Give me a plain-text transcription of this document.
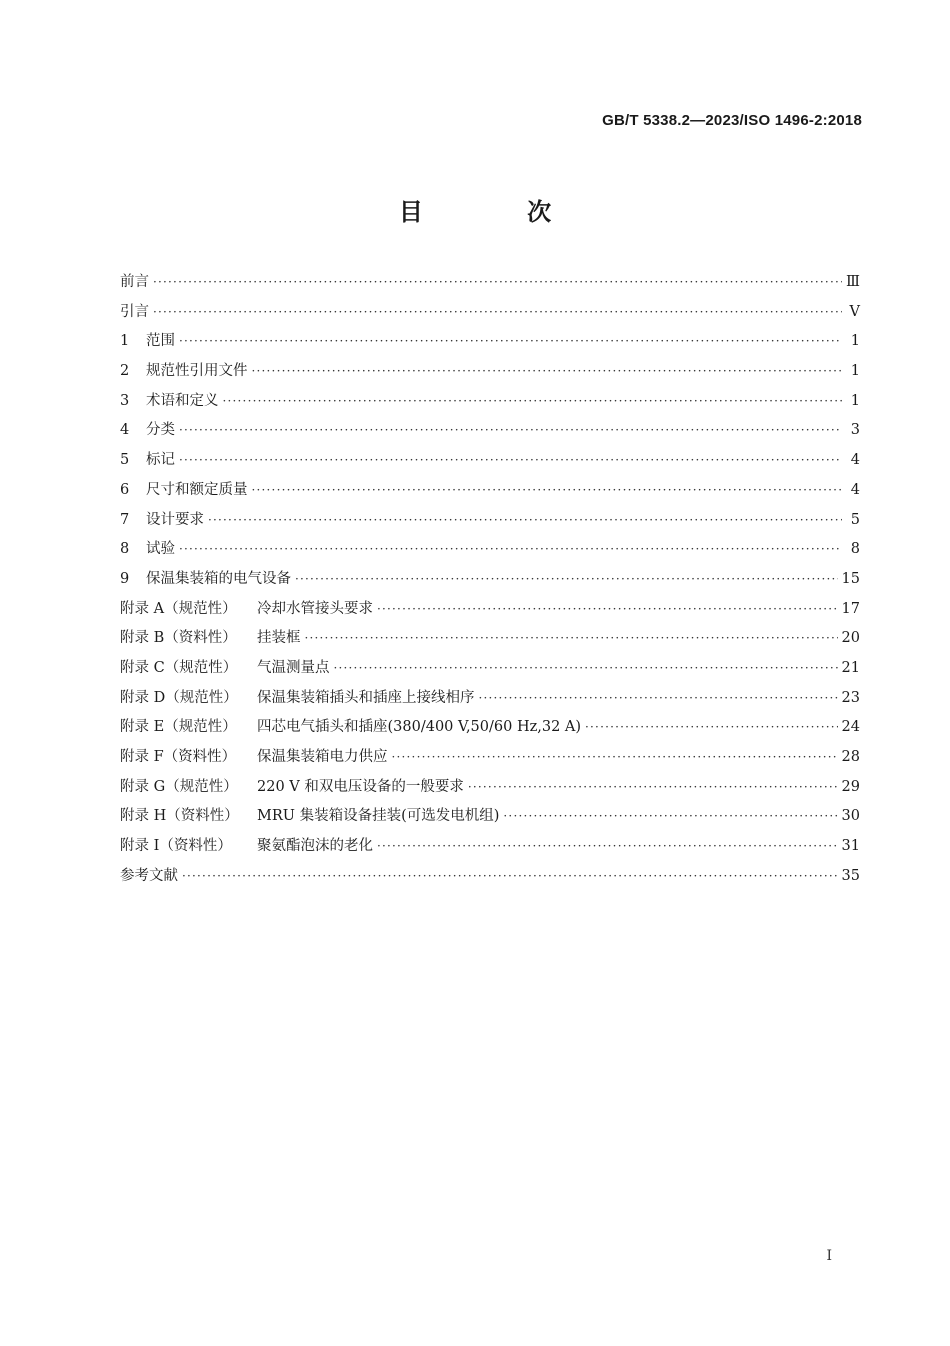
GB/T 5338.2—2023/ISO 1496-2:2018
目 次
前言 ·····	Ⅲ
引言 ·····	Ⅴ
1	范围 ·····	1
2	规范性引用文件 ·····	1
3	术语和定义 ·····	1
4	分类 ·····	3
5	标记 ·····	4
6	尺寸和额定质量 ·····	4
7	设计要求 ·····	5
8	试验 ·····	8
9	保温集装箱的电气设备 ·····	15
附录 A（规范性）	冷却水管接头要求 ·····	17
附录 B（资料性）	挂装框 ·····	20
附录 C（规范性）	气温测量点 ·····	21
附录 D（规范性）	保温集装箱插头和插座上接线相序 ·····	23
附录 E（规范性）	四芯电气插头和插座(380/400 V,50/60 Hz,32 A) ·····	24
附录 F（资料性）	保温集装箱电力供应 ·····	28
附录 G（规范性）	220 V 和双电压设备的一般要求 ·····	29
附录 H（资料性）	MRU 集装箱设备挂装(可选发电机组) ·····	30
附录 I（资料性）	聚氨酯泡沫的老化 ·····	31
参考文献 ·····	35
I
